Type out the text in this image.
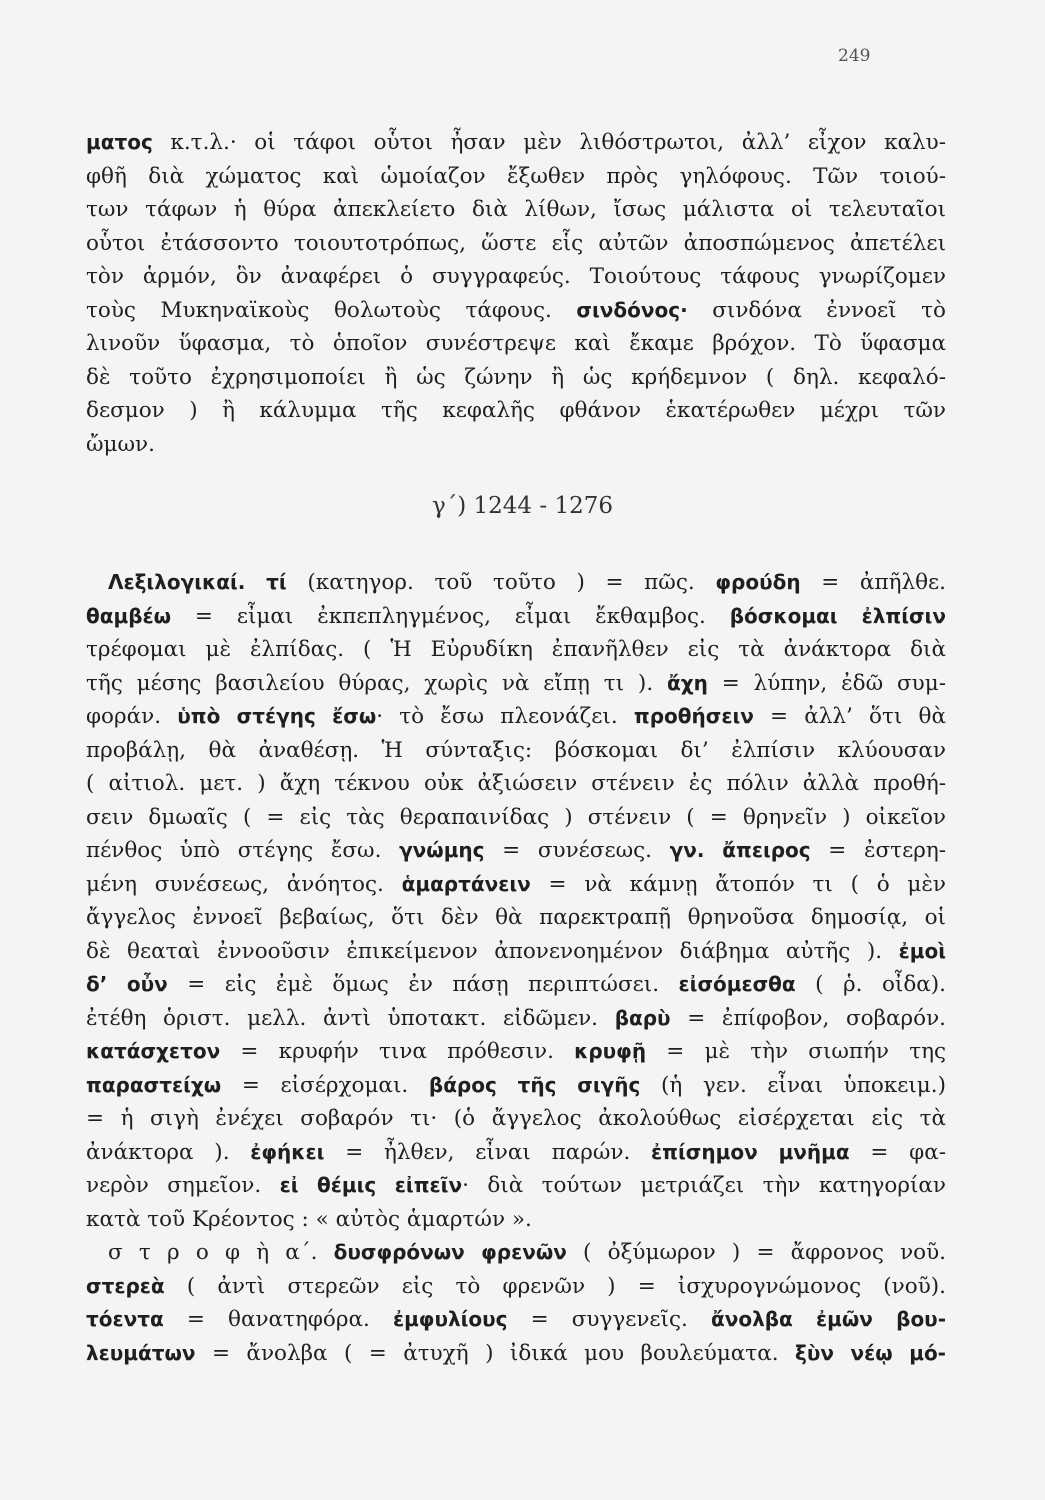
249
ματος κ.τ.λ.· οἱ τάφοι οὗτοι ἦσαν μὲν λιθόστρωτοι, ἀλλ’ εἶχον καλυ-
φθῆ διὰ χώματος καὶ ὡμοίαζον ἔξωθεν πρὸς γηλόφους. Τῶν τοιού-
των τάφων ἡ θύρα ἀπεκλείετο διὰ λίθων, ἴσως μάλιστα οἱ τελευταῖοι
οὗτοι ἐτάσσοντο τοιουτοτρόπως, ὥστε εἷς αὐτῶν ἀποσπώμενος ἀπετέλει
τὸν ἁρμόν, ὃν ἀναφέρει ὁ συγγραφεύς. Τοιούτους τάφους γνωρίζομεν
τοὺς Μυκηναϊκοὺς θολωτοὺς τάφους. σινδόνος· σινδόνα ἐννοεῖ τὸ
λινοῦν ὕφασμα, τὸ ὁποῖον συνέστρεψε καὶ ἔκαμε βρόχον. Τὸ ὕφασμα
δὲ τοῦτο ἐχρησιμοποίει ἢ ὡς ζώνην ἢ ὡς κρήδεμνον ( δηλ. κεφαλό-
δεσμον ) ἢ κάλυμμα τῆς κεφαλῆς φθάνον ἑκατέρωθεν μέχρι τῶν
ὤμων.
γ΄) 1244 - 1276
Λεξιλογικαί. τί (κατηγορ. τοῦ τοῦτο ) = πῶς. φρούδη = ἀπῆλθε.
θαμβέω = εἶμαι ἐκπεπληγμένος, εἶμαι ἔκθαμβος. βόσκομαι ἐλπίσιν
τρέφομαι μὲ ἐλπίδας. ( Ἡ Εὐρυδίκη ἐπανῆλθεν εἰς τὰ ἀνάκτορα διὰ
τῆς μέσης βασιλείου θύρας, χωρὶς νὰ εἴπῃ τι ). ἄχη = λύπην, ἐδῶ συμ-
φοράν. ὑπὸ στέγης ἔσω· τὸ ἔσω πλεονάζει. προθήσειν = ἀλλ’ ὅτι θὰ
προβάλῃ, θὰ ἀναθέσῃ. Ἡ σύνταξις: βόσκομαι δι’ ἐλπίσιν κλύουσαν
( αἰτιολ. μετ. ) ἄχη τέκνου οὐκ ἀξιώσειν στένειν ἐς πόλιν ἀλλὰ προθή-
σειν δμωαῖς ( = εἰς τὰς θεραπαινίδας ) στένειν ( = θρηνεῖν ) οἰκεῖον
πένθος ὑπὸ στέγης ἔσω. γνώμης = συνέσεως. γν. ἄπειρος = ἐστερη-
μένη συνέσεως, ἀνόητος. ἁμαρτάνειν = νὰ κάμνῃ ἄτοπόν τι ( ὁ μὲν
ἄγγελος ἐννοεῖ βεβαίως, ὅτι δὲν θὰ παρεκτραπῇ θρηνοῦσα δημοσίᾳ, οἱ
δὲ θεαταὶ ἐννοοῦσιν ἐπικείμενον ἀπονενοημένον διάβημα αὐτῆς ). ἐμοὶ
δ’ οὖν = εἰς ἐμὲ ὅμως ἐν πάσῃ περιπτώσει. εἰσόμεσθα ( ῥ. οἶδα).
ἐτέθη ὁριστ. μελλ. ἀντὶ ὑποτακτ. εἰδῶμεν. βαρὺ = ἐπίφοβον, σοβαρόν.
κατάσχετον = κρυφήν τινα πρόθεσιν. κρυφῇ = μὲ τὴν σιωπήν της
παραστείχω = εἰσέρχομαι. βάρος τῆς σιγῆς (ἡ γεν. εἶναι ὑποκειμ.)
= ἡ σιγὴ ἐνέχει σοβαρόν τι· (ὁ ἄγγελος ἀκολούθως εἰσέρχεται εἰς τὰ
ἀνάκτορα ). ἐφήκει = ἦλθεν, εἶναι παρών. ἐπίσημον μνῆμα = φα-
νερὸν σημεῖον. εἰ θέμις εἰπεῖν· διὰ τούτων μετριάζει τὴν κατηγορίαν
κατὰ τοῦ Κρέοντος : « αὐτὸς ἁμαρτών ».
σ τ ρ ο φ ὴ α΄. δυσφρόνων φρενῶν ( ὀξύμωρον ) = ἄφρονος νοῦ.
στερεὰ ( ἀντὶ στερεῶν εἰς τὸ φρενῶν ) = ἰσχυρογνώμονος (νοῦ).
τόεντα = θανατηφόρα. ἐμφυλίους = συγγενεῖς. ἄνολβα ἐμῶν βου-
λευμάτων = ἄνολβα ( = ἀτυχῆ ) ἰδικά μου βουλεύματα. ξὺν νέῳ μό-
